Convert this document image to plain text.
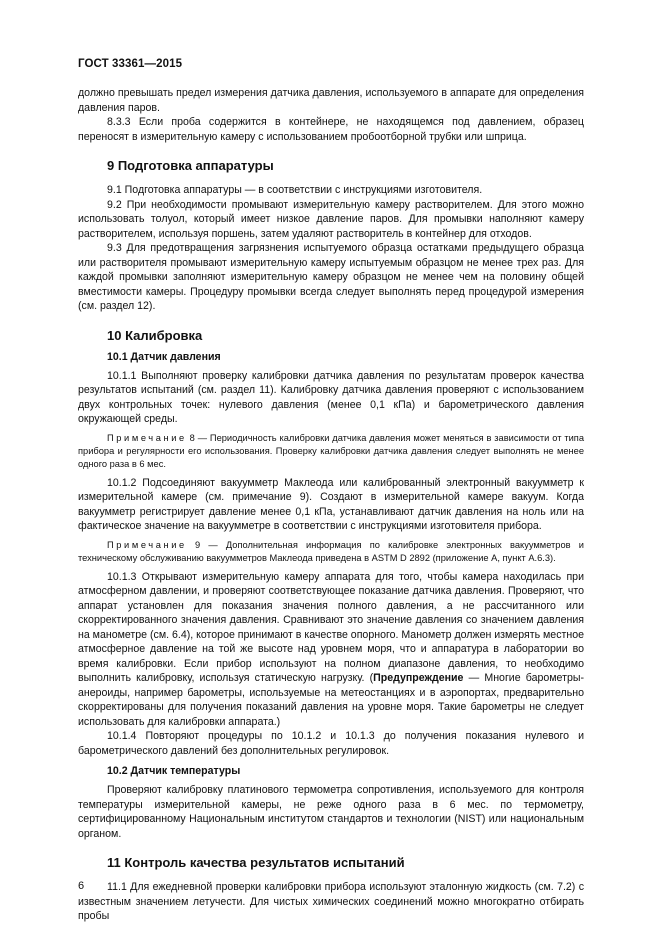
ГОСТ 33361—2015

должно превышать предел измерения датчика давления, используемого в аппарате для определения давления паров.

8.3.3 Если проба содержится в контейнере, не находящемся под давлением, образец переносят в измерительную камеру с использованием пробоотборной трубки или шприца.

9 Подготовка аппаратуры

9.1 Подготовка аппаратуры — в соответствии с инструкциями изготовителя.

9.2 При необходимости промывают измерительную камеру растворителем. Для этого можно использовать толуол, который имеет низкое давление паров. Для промывки наполняют камеру растворителем, используя поршень, затем удаляют растворитель в контейнер для отходов.

9.3 Для предотвращения загрязнения испытуемого образца остатками предыдущего образца или растворителя промывают измерительную камеру испытуемым образцом не менее трех раз. Для каждой промывки заполняют измерительную камеру образцом не менее чем на половину общей вместимости камеры. Процедуру промывки всегда следует выполнять перед процедурой измерения (см. раздел 12).

10 Калибровка
10.1 Датчик давления

10.1.1 Выполняют проверку калибровки датчика давления по результатам проверок качества результатов испытаний (см. раздел 11). Калибровку датчика давления проверяют с использованием двух контрольных точек: нулевого давления (менее 0,1 кПа) и барометрического давления окружающей среды.

Примечание 8 — Периодичность калибровки датчика давления может меняться в зависимости от типа прибора и регулярности его использования. Проверку калибровки датчика давления следует выполнять не менее одного раза в 6 мес.

10.1.2 Подсоединяют вакуумметр Маклеода или калиброванный электронный вакуумметр к измерительной камере (см. примечание 9). Создают в измерительной камере вакуум. Когда вакуумметр регистрирует давление менее 0,1 кПа, устанавливают датчик давления на ноль или на фактическое значение на вакуумметре в соответствии с инструкциями изготовителя прибора.

Примечание 9 — Дополнительная информация по калибровке электронных вакуумметров и техническому обслуживанию вакуумметров Маклеода приведена в ASTM D 2892 (приложение А, пункт А.6.3).

10.1.3 Открывают измерительную камеру аппарата для того, чтобы камера находилась при атмосферном давлении, и проверяют соответствующее показание датчика давления. Проверяют, что аппарат установлен для показания значения полного давления, а не рассчитанного или скорректированного значения давления. Сравнивают это значение давления со значением давления на манометре (см. 6.4), которое принимают в качестве опорного. Манометр должен измерять местное атмосферное давление на той же высоте над уровнем моря, что и аппаратура в лаборатории во время калибровки. Если прибор используют на полном диапазоне давления, то необходимо выполнить калибровку, используя статическую нагрузку. (Предупреждение — Многие барометры-анероиды, например барометры, используемые на метеостанциях и в аэропортах, предварительно скорректированы для получения показаний давления на уровне моря. Такие барометры не следует использовать для калибровки аппарата.)

10.1.4 Повторяют процедуры по 10.1.2 и 10.1.3 до получения показания нулевого и барометрического давлений без дополнительных регулировок.

10.2 Датчик температуры

Проверяют калибровку платинового термометра сопротивления, используемого для контроля температуры измерительной камеры, не реже одного раза в 6 мес. по термометру, сертифицированному Национальным институтом стандартов и технологии (NIST) или национальным органом.

11 Контроль качества результатов испытаний

11.1 Для ежедневной проверки калибровки прибора используют эталонную жидкость (см. 7.2) с известным значением летучести. Для чистых химических соединений можно многократно отбирать пробы

6
